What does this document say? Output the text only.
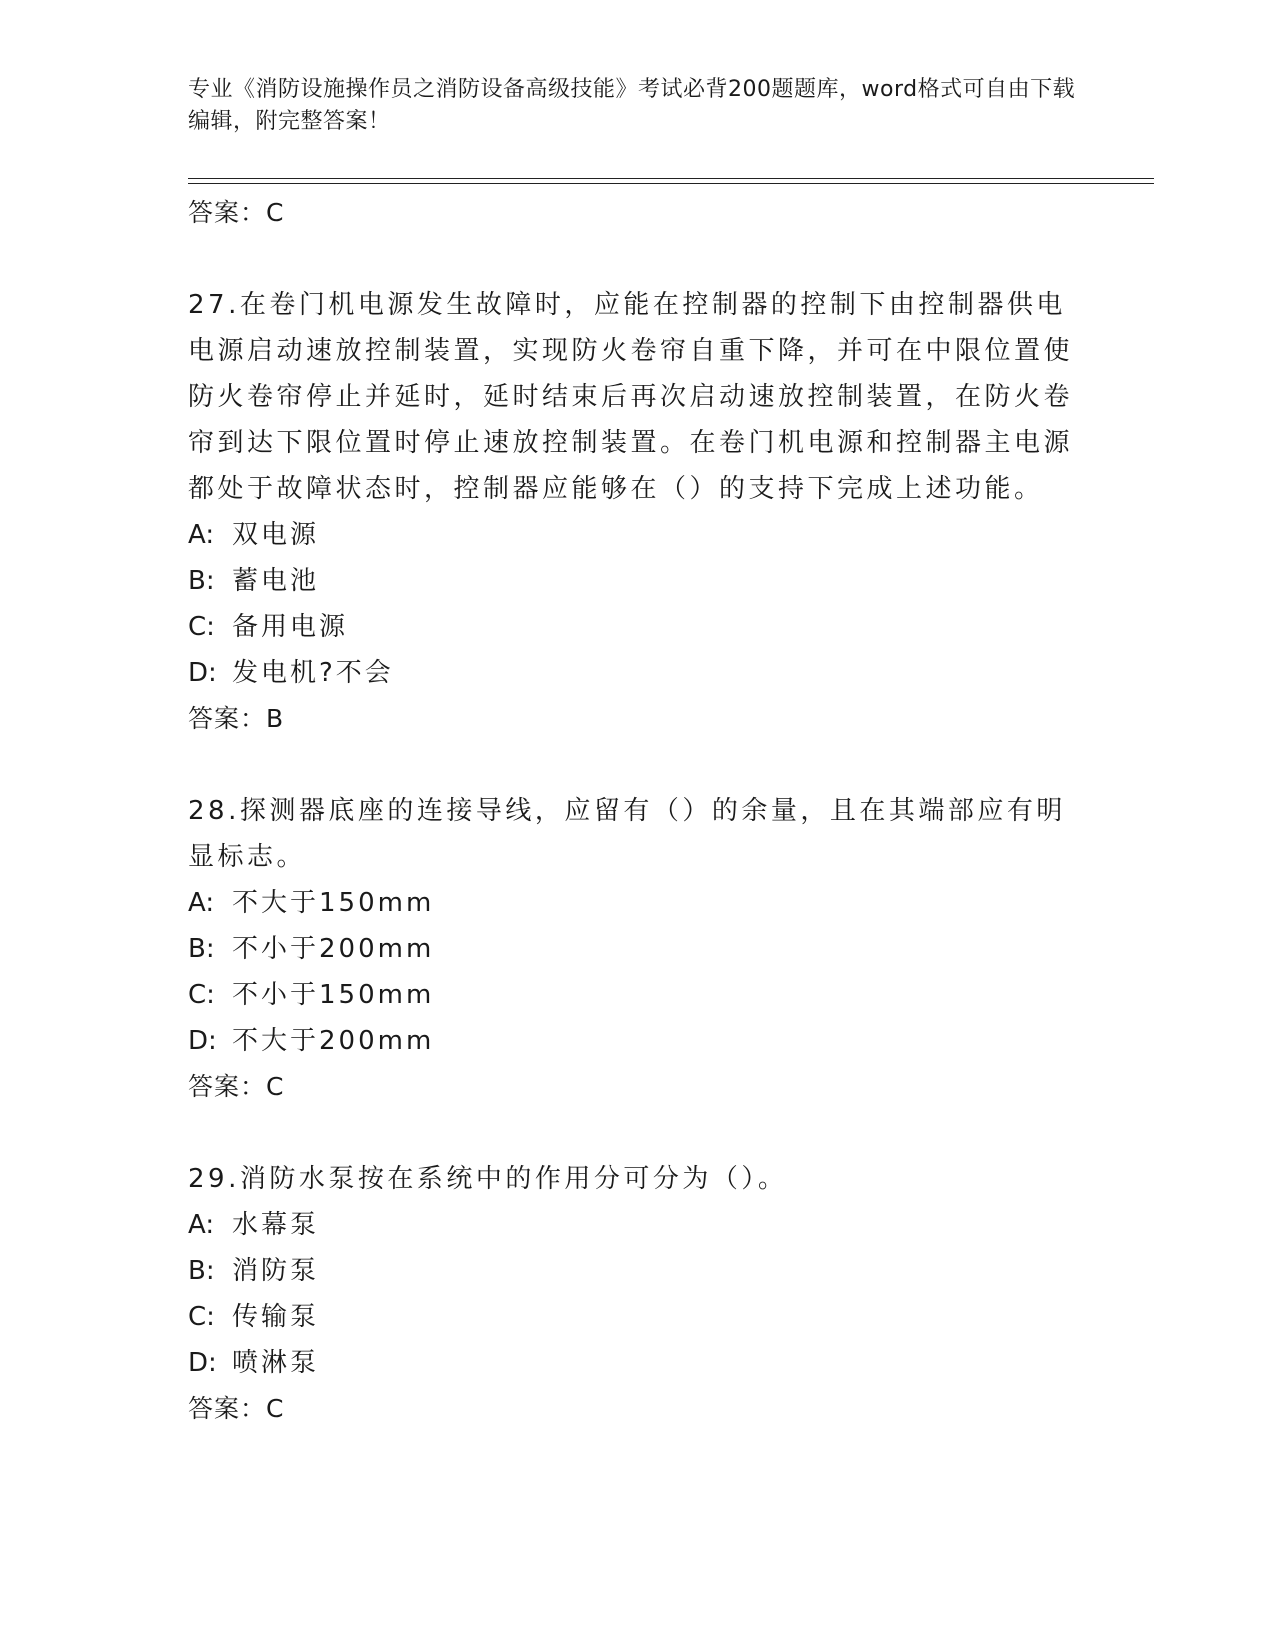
专业《消防设施操作员之消防设备高级技能》考试必背200题题库，word格式可自由下载编辑，附完整答案！
答案：C
27.在卷门机电源发生故障时，应能在控制器的控制下由控制器供电电源启动速放控制装置，实现防火卷帘自重下降，并可在中限位置使防火卷帘停止并延时，延时结束后再次启动速放控制装置，在防火卷帘到达下限位置时停止速放控制装置。在卷门机电源和控制器主电源都处于故障状态时，控制器应能够在（）的支持下完成上述功能。
A: 双电源
B: 蓄电池
C: 备用电源
D: 发电机?不会
答案：B
28.探测器底座的连接导线，应留有（）的余量，且在其端部应有明显标志。
A: 不大于150mm
B: 不小于200mm
C: 不小于150mm
D: 不大于200mm
答案：C
29.消防水泵按在系统中的作用分可分为（）。
A: 水幕泵
B: 消防泵
C: 传输泵
D: 喷淋泵
答案：C
